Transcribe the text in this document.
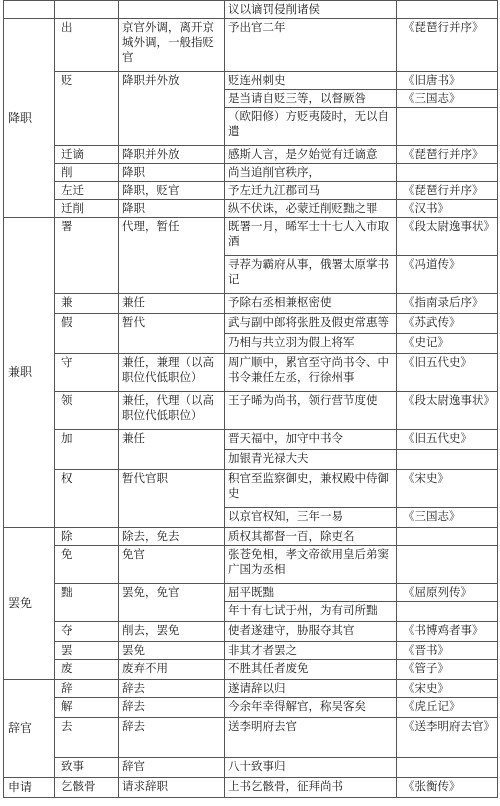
			议以谪罚侵削诸侯	
降职	出	京官外调，离开京城外调，一般指贬官	予出官二年	《琵琶行并序》
	贬	降职并外放	贬连州刺史	《旧唐书》
			是当请自贬三等，以督厥咎	《三国志》
			（欧阳修）方贬夷陵时，无以自遣	
	迁谪	降职并外放	感斯人言，是夕始觉有迁谪意	《琵琶行并序》
	削	降职	尚当追削官秩序，	
	左迁	降职，贬官	予左迁九江郡司马	《琵琶行并序》
	迁削	降职	纵不伏诛，必蒙迁削贬黜之罪	《汉书》
兼职	署	代理，暂任	既署一月，晞军士十七人入市取酒	《段太尉逸事状》
			寻荐为霸府从事，俄署太原掌书记	《冯道传》
	兼	兼任	予除右丞相兼枢密使	《指南录后序》
	假	暂代	武与副中郎将张胜及假吏常惠等	《苏武传》
			乃相与共立羽为假上将军	《史记》
	守	兼任，兼理（以高职位代低职位）	周广顺中，累官至守尚书令、中书令兼任左丞，行徐州事	《旧五代史》
	领	兼任，代理（以高职位代低职位）	王子晞为尚书，领行营节度使	《段太尉逸事状》
	加	兼任	晋天福中，加守中书令	《旧五代史》
			加银青光禄大夫	
	权	暂代官职	积官至监察御史，兼权殿中侍御史	《宋史》
			以京官权知，三年一易	《三国志》
罢免	除	除去，免去	质权其都督一百，除吏名	
	免	免官	张苍免相，孝文帝欲用皇后弟窦广国为丞相	
	黜	罢免，免官	屈平既黜	《屈原列传》
			年十有七试于州，为有司所黜	
	夺	削去，罢免	使者遂建守，胁服夺其官	《书博鸡者事》
	罢	罢免	非其才者罢之	《晋书》
	废	废弃不用	不胜其任者废免	《管子》
辞官	辞	辞去	遂请辞以归	《宋史》
	解	辞去	今余年幸得解官，称吴客矣	《虎丘记》
	去	辞去	送李明府去官	《送李明府去官》
	致事	辞官	八十致事归	
申请	乞骸骨	请求辞职	上书乞骸骨，征拜尚书	《张衡传》
